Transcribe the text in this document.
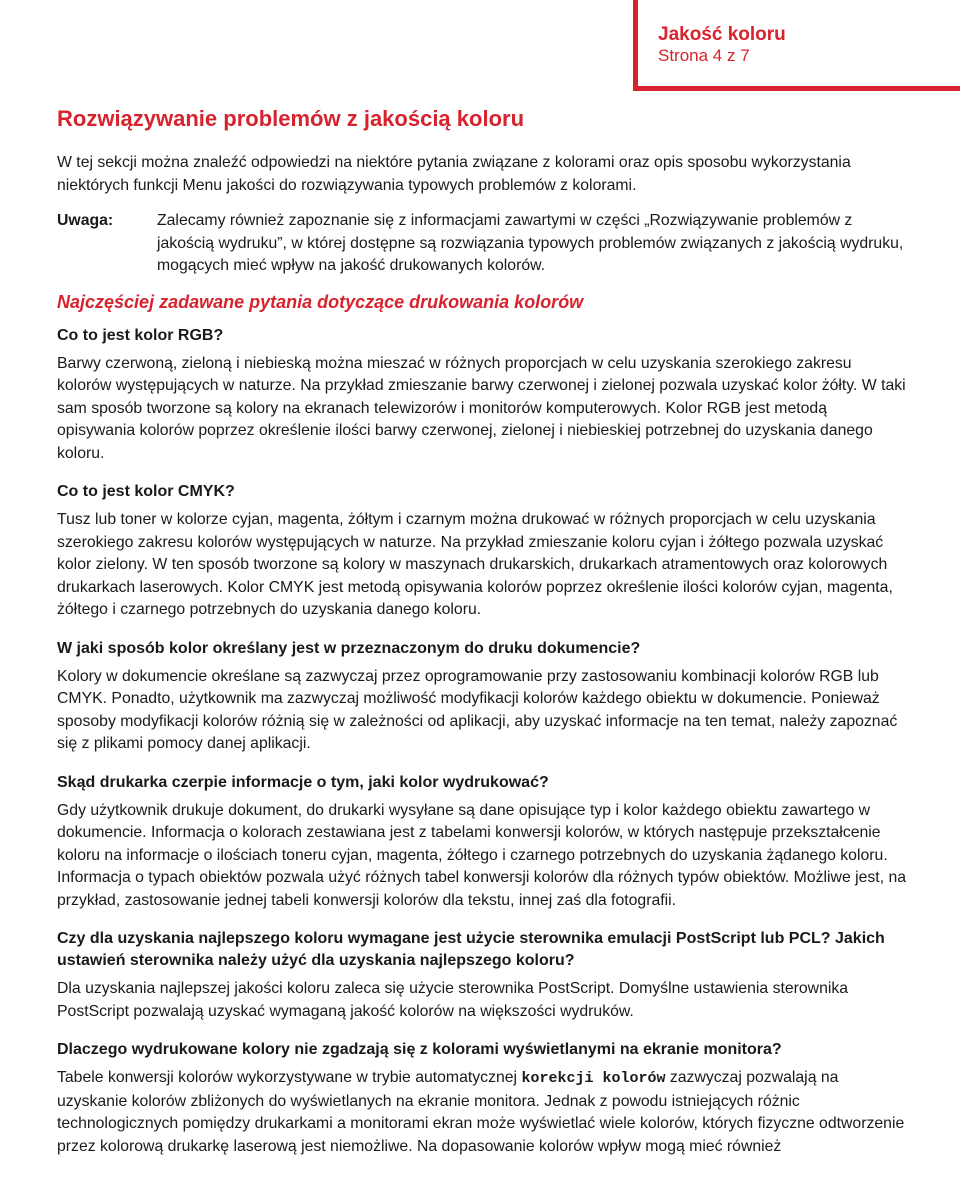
Jakość koloru
Strona 4 z 7
Rozwiązywanie problemów z jakością koloru

W tej sekcji można znaleźć odpowiedzi na niektóre pytania związane z kolorami oraz opis sposobu wykorzystania niektórych funkcji Menu jakości do rozwiązywania typowych problemów z kolorami.

Uwaga:	Zalecamy również zapoznanie się z informacjami zawartymi w części „Rozwiązywanie problemów z jakością wydruku”, w której dostępne są rozwiązania typowych problemów związanych z jakością wydruku, mogących mieć wpływ na jakość drukowanych kolorów.

Najczęściej zadawane pytania dotyczące drukowania kolorów
Co to jest kolor RGB?

Barwy czerwoną, zieloną i niebieską można mieszać w różnych proporcjach w celu uzyskania szerokiego zakresu kolorów występujących w naturze. Na przykład zmieszanie barwy czerwonej i zielonej pozwala uzyskać kolor żółty. W taki sam sposób tworzone są kolory na ekranach telewizorów i monitorów komputerowych. Kolor RGB jest metodą opisywania kolorów poprzez określenie ilości barwy czerwonej, zielonej i niebieskiej potrzebnej do uzyskania danego koloru.

Co to jest kolor CMYK?

Tusz lub toner w kolorze cyjan, magenta, żółtym i czarnym można drukować w różnych proporcjach w celu uzyskania szerokiego zakresu kolorów występujących w naturze. Na przykład zmieszanie koloru cyjan i żółtego pozwala uzyskać kolor zielony. W ten sposób tworzone są kolory w maszynach drukarskich, drukarkach atramentowych oraz kolorowych drukarkach laserowych. Kolor CMYK jest metodą opisywania kolorów poprzez określenie ilości kolorów cyjan, magenta, żółtego i czarnego potrzebnych do uzyskania danego koloru.

W jaki sposób kolor określany jest w przeznaczonym do druku dokumencie?

Kolory w dokumencie określane są zazwyczaj przez oprogramowanie przy zastosowaniu kombinacji kolorów RGB lub CMYK. Ponadto, użytkownik ma zazwyczaj możliwość modyfikacji kolorów każdego obiektu w dokumencie. Ponieważ sposoby modyfikacji kolorów różnią się w zależności od aplikacji, aby uzyskać informacje na ten temat, należy zapoznać się z plikami pomocy danej aplikacji.

Skąd drukarka czerpie informacje o tym, jaki kolor wydrukować?

Gdy użytkownik drukuje dokument, do drukarki wysyłane są dane opisujące typ i kolor każdego obiektu zawartego w dokumencie. Informacja o kolorach zestawiana jest z tabelami konwersji kolorów, w których następuje przekształcenie koloru na informacje o ilościach toneru cyjan, magenta, żółtego i czarnego potrzebnych do uzyskania żądanego koloru. Informacja o typach obiektów pozwala użyć różnych tabel konwersji kolorów dla różnych typów obiektów. Możliwe jest, na przykład, zastosowanie jednej tabeli konwersji kolorów dla tekstu, innej zaś dla fotografii.

Czy dla uzyskania najlepszego koloru wymagane jest użycie sterownika emulacji PostScript lub PCL? Jakich ustawień sterownika należy użyć dla uzyskania najlepszego koloru?

Dla uzyskania najlepszej jakości koloru zaleca się użycie sterownika PostScript. Domyślne ustawienia sterownika PostScript pozwalają uzyskać wymaganą jakość kolorów na większości wydruków.

Dlaczego wydrukowane kolory nie zgadzają się z kolorami wyświetlanymi na ekranie monitora?

Tabele konwersji kolorów wykorzystywane w trybie automatycznej korekcji kolorów zazwyczaj pozwalają na uzyskanie kolorów zbliżonych do wyświetlanych na ekranie monitora. Jednak z powodu istniejących różnic technologicznych pomiędzy drukarkami a monitorami ekran może wyświetlać wiele kolorów, których fizyczne odtworzenie przez kolorową drukarkę laserową jest niemożliwe. Na dopasowanie kolorów wpływ mogą mieć również
